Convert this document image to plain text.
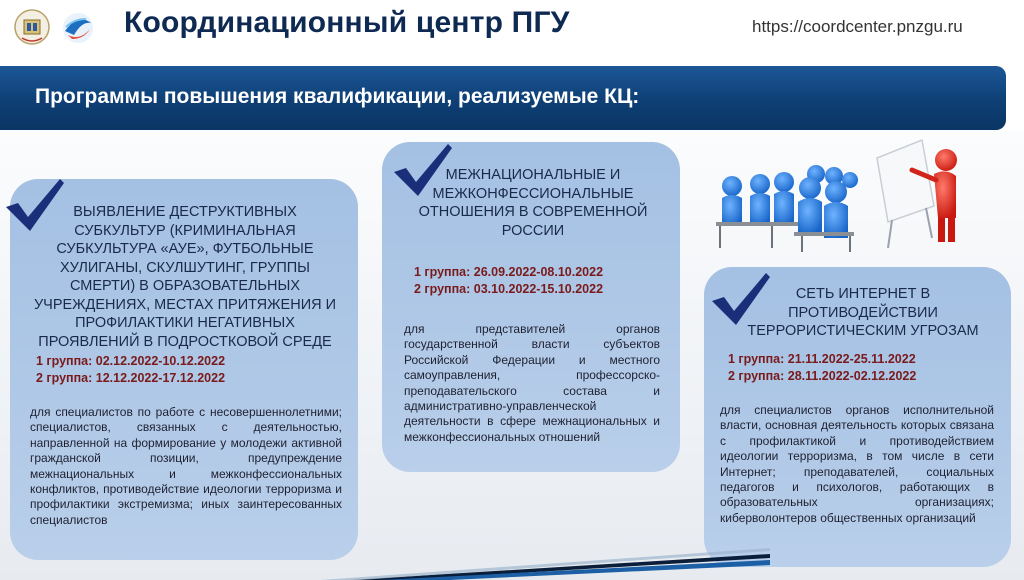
Координационный центр ПГУ	https://coordcenter.pnzgu.ru
Программы повышения квалификации, реализуемые КЦ:
ВЫЯВЛЕНИЕ ДЕСТРУКТИВНЫХ
СУБКУЛЬТУР (КРИМИНАЛЬНАЯ
СУБКУЛЬТУРА «АУЕ», ФУТБОЛЬНЫЕ
ХУЛИГАНЫ, СКУЛШУТИНГ, ГРУППЫ
СМЕРТИ) В ОБРАЗОВАТЕЛЬНЫХ
УЧРЕЖДЕНИЯХ, МЕСТАХ ПРИТЯЖЕНИЯ И
ПРОФИЛАКТИКИ НЕГАТИВНЫХ
ПРОЯВЛЕНИЙ В ПОДРОСТКОВОЙ СРЕДЕ
1 группа: 02.12.2022-10.12.2022
2 группа: 12.12.2022-17.12.2022
для специалистов по работе с несовершеннолетними; специалистов, связанных с деятельностью, направленной на формирование у молодежи активной гражданской позиции, предупреждение межнациональных и межконфессиональных конфликтов, противодействие идеологии терроризма и профилактики экстремизма; иных заинтересованных специалистов
МЕЖНАЦИОНАЛЬНЫЕ И
МЕЖКОНФЕССИОНАЛЬНЫЕ
ОТНОШЕНИЯ В СОВРЕМЕННОЙ
РОССИИ
1 группа: 26.09.2022-08.10.2022
2 группа: 03.10.2022-15.10.2022
для представителей органов государственной власти субъектов Российской Федерации и местного самоуправления, профессорско-преподавательского состава и административно-управленческой деятельности в сфере межнациональных и межконфессиональных отношений
СЕТЬ ИНТЕРНЕТ В
ПРОТИВОДЕЙСТВИИ
ТЕРРОРИСТИЧЕСКИМ УГРОЗАМ
1 группа: 21.11.2022-25.11.2022
2 группа: 28.11.2022-02.12.2022
для специалистов органов исполнительной власти, основная деятельность которых связана с профилактикой и противодействием идеологии терроризма, в том числе в сети Интернет; преподавателей, социальных педагогов и психологов, работающих в образовательных организациях; киберволонтеров общественных организаций
